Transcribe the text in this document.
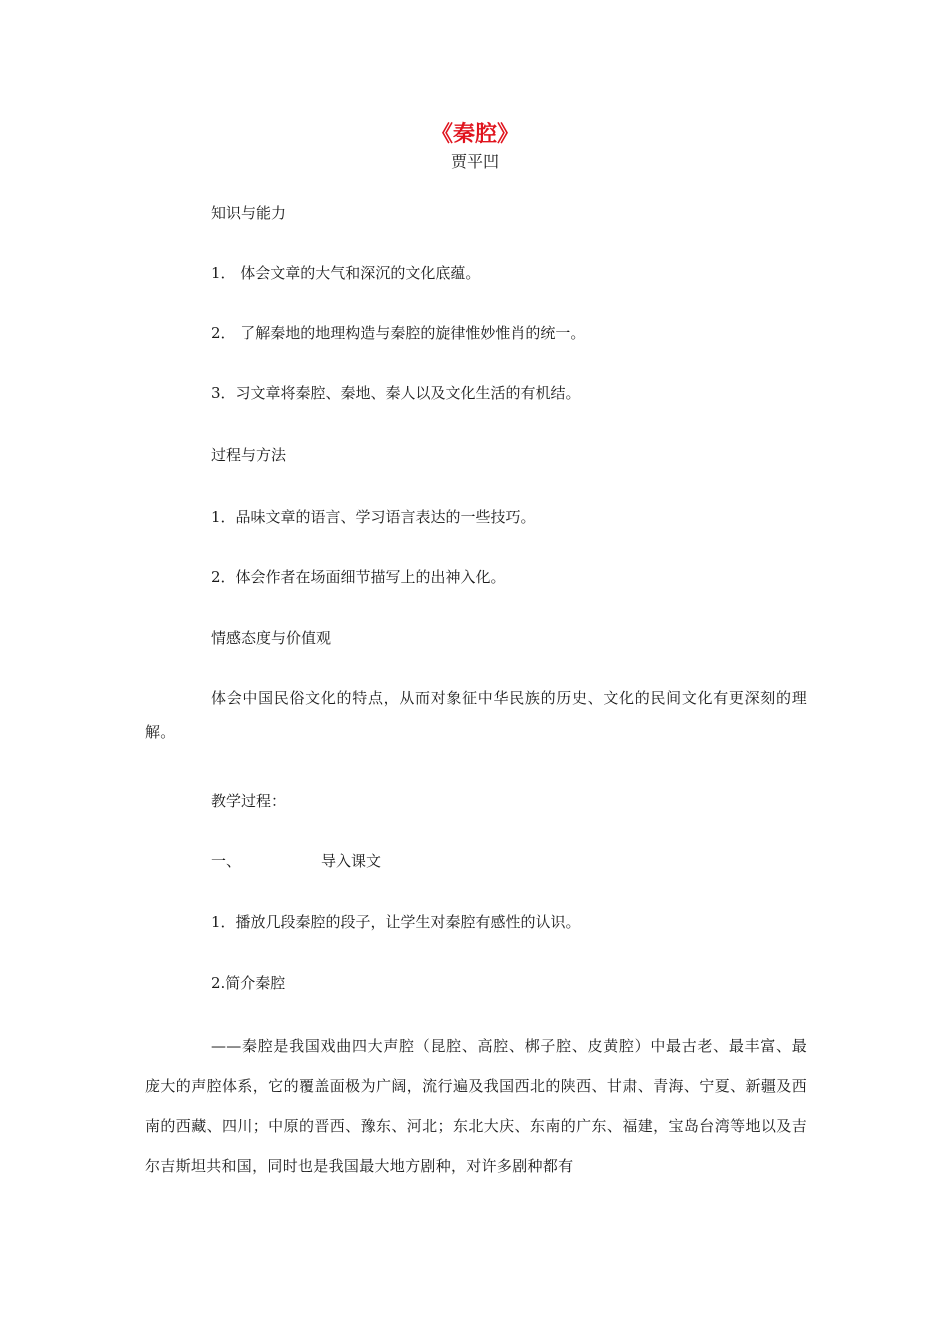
《秦腔》
贾平凹
知识与能力
1． 体会文章的大气和深沉的文化底蕴。
2． 了解秦地的地理构造与秦腔的旋律惟妙惟肖的统一。
3．习文章将秦腔、秦地、秦人以及文化生活的有机结。
过程与方法
1．品味文章的语言、学习语言表达的一些技巧。
2．体会作者在场面细节描写上的出神入化。
情感态度与价值观
体会中国民俗文化的特点，从而对象征中华民族的历史、文化的民间文化有更深刻的理解。
教学过程：
一、	导入课文
1．播放几段秦腔的段子，让学生对秦腔有感性的认识。
2.简介秦腔
——秦腔是我国戏曲四大声腔（昆腔、高腔、梆子腔、皮黄腔）中最古老、最丰富、最庞大的声腔体系，它的覆盖面极为广阔，流行遍及我国西北的陕西、甘肃、青海、宁夏、新疆及西南的西藏、四川；中原的晋西、豫东、河北；东北大庆、东南的广东、福建，宝岛台湾等地以及吉尔吉斯坦共和国，同时也是我国最大地方剧种，对许多剧种都有
